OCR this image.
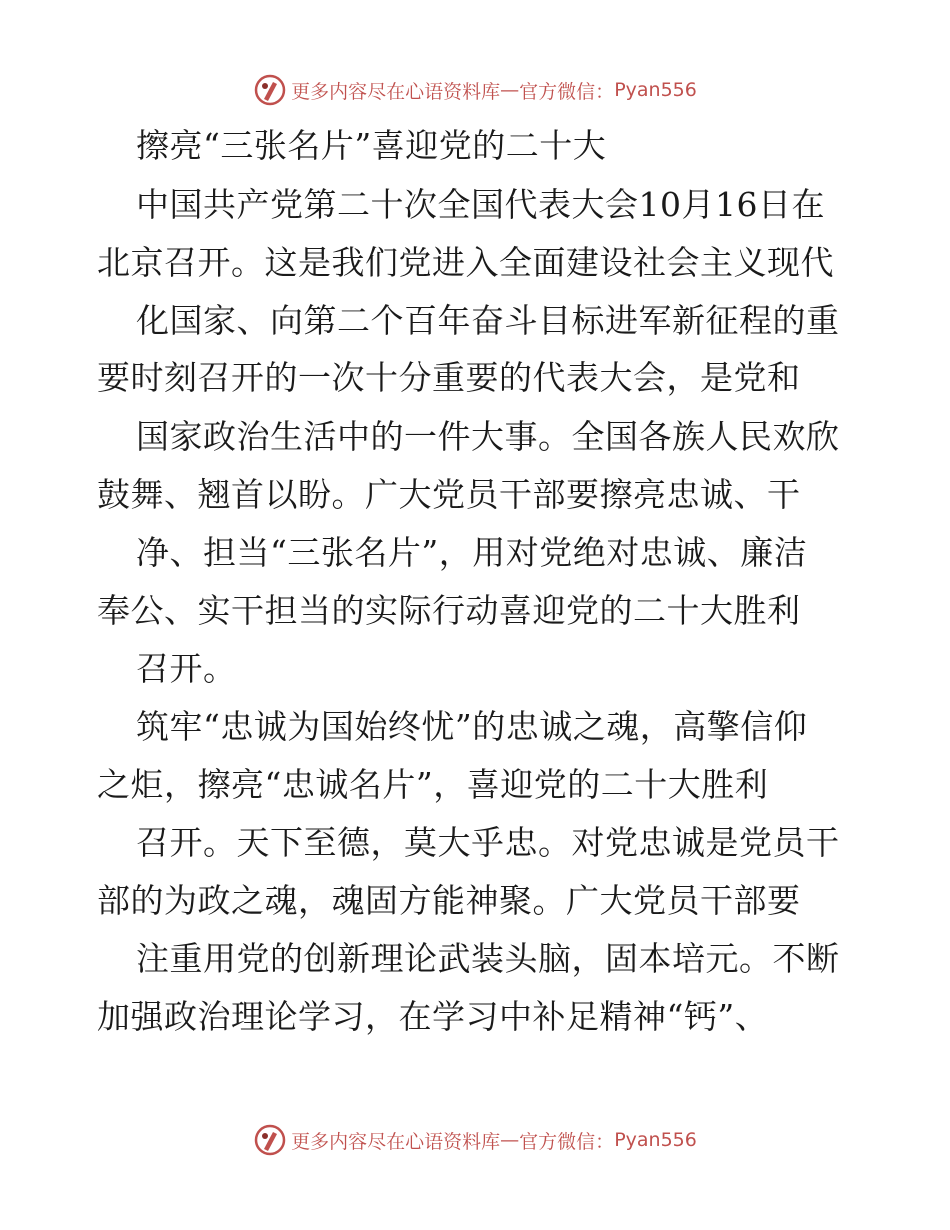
更多内容尽在心语资料库 — 官方微信： Pyan556
擦亮“三张名片”喜迎党的二十大
中国共产党第二十次全国代表大会10月16日在
北京召开。这是我们党进入全面建设社会主义现代
化国家、向第二个百年奋斗目标进军新征程的重
要时刻召开的一次十分重要的代表大会，是党和
国家政治生活中的一件大事。全国各族人民欢欣
鼓舞、翘首以盼。广大党员干部要擦亮忠诚、干
净、担当“三张名片”，用对党绝对忠诚、廉洁
奉公、实干担当的实际行动喜迎党的二十大胜利
召开。
筑牢“忠诚为国始终忧”的忠诚之魂，高擎信仰
之炬，擦亮“忠诚名片”，喜迎党的二十大胜利
召开。天下至德，莫大乎忠。对党忠诚是党员干
部的为政之魂，魂固方能神聚。广大党员干部要
注重用党的创新理论武装头脑，固本培元。不断
加强政治理论学习，在学习中补足精神“钙”、
更多内容尽在心语资料库 — 官方微信： Pyan556
